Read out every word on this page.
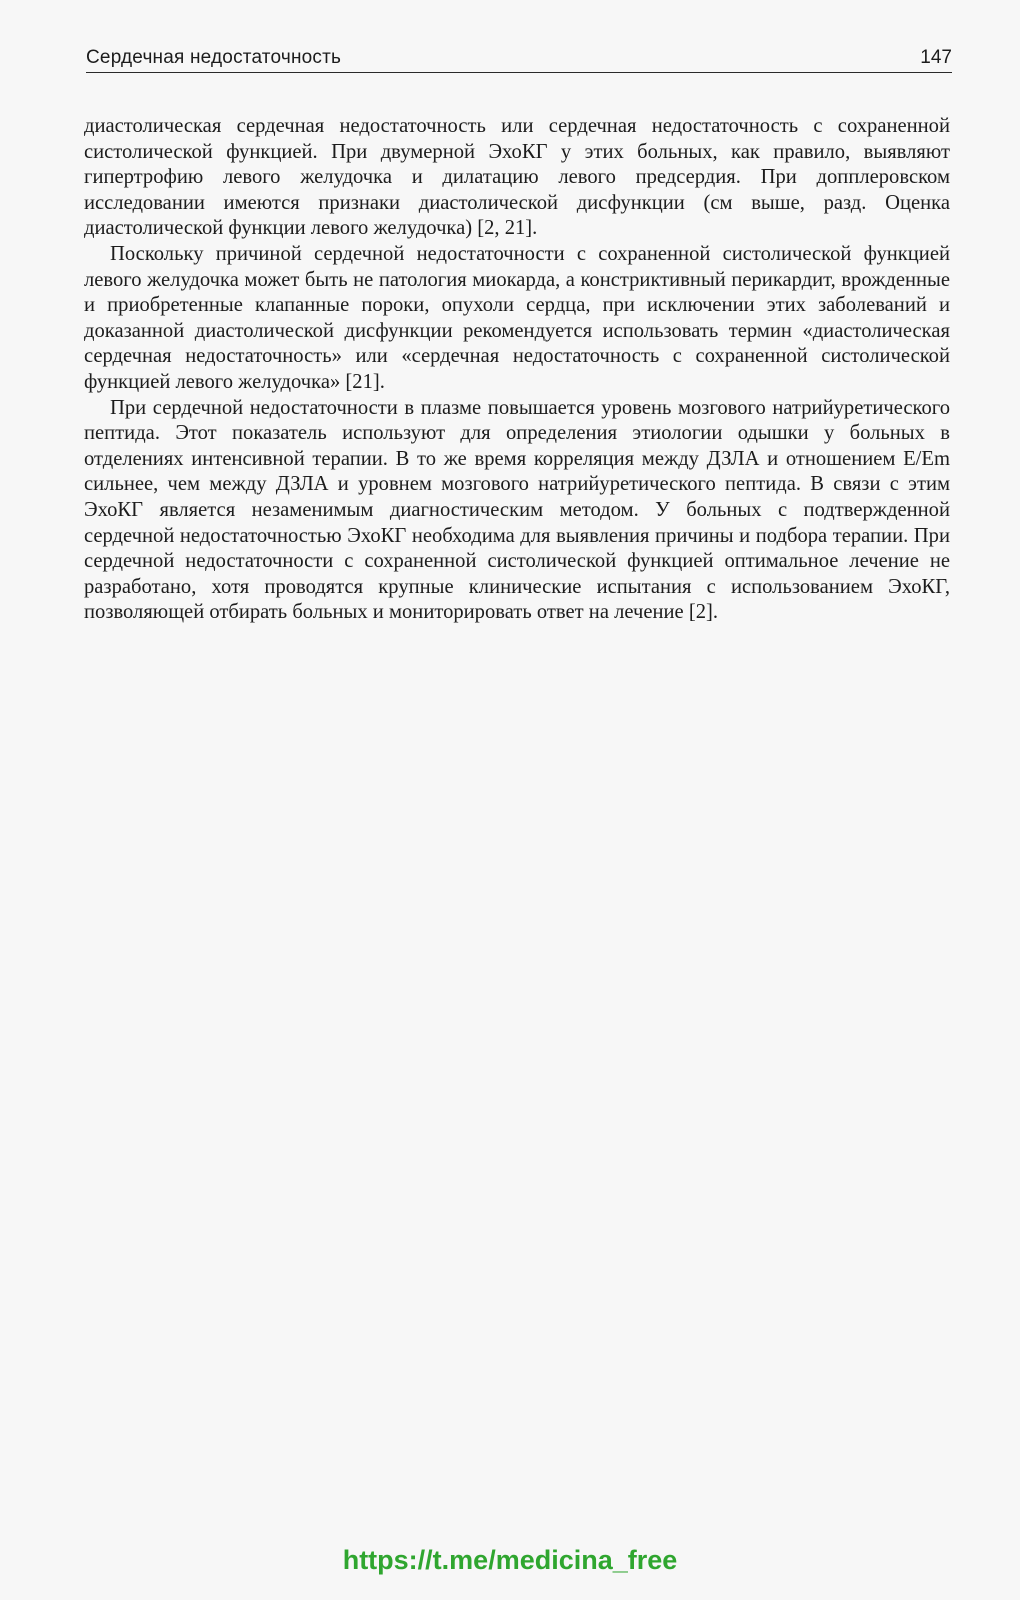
Сердечная недостаточность	147

диастолическая сердечная недостаточность или сердечная недостаточность с сохраненной систолической функцией. При двумерной ЭхоКГ у этих больных, как правило, выявляют гипертрофию левого желудочка и дилатацию левого предсердия. При допплеровском исследовании имеются признаки диастолической дисфункции (см выше, разд. Оценка диастолической функции левого желудочка) [2, 21].

Поскольку причиной сердечной недостаточности с сохраненной систолической функцией левого желудочка может быть не патология миокарда, а констриктивный перикардит, врожденные и приобретенные клапанные пороки, опухоли сердца, при исключении этих заболеваний и доказанной диастолической дисфункции рекомендуется использовать термин «диастолическая сердечная недостаточность» или «сердечная недостаточность с сохраненной систолической функцией левого желудочка» [21].

При сердечной недостаточности в плазме повышается уровень мозгового натрийуретического пептида. Этот показатель используют для определения этиологии одышки у больных в отделениях интенсивной терапии. В то же время корреляция между ДЗЛА и отношением E/Em сильнее, чем между ДЗЛА и уровнем мозгового натрийуретического пептида. В связи с этим ЭхоКГ является незаменимым диагностическим методом. У больных с подтвержденной сердечной недостаточностью ЭхоКГ необходима для выявления причины и подбора терапии. При сердечной недостаточности с сохраненной систолической функцией оптимальное лечение не разработано, хотя проводятся крупные клинические испытания с использованием ЭхоКГ, позволяющей отбирать больных и мониторировать ответ на лечение [2].

https://t.me/medicina_free
